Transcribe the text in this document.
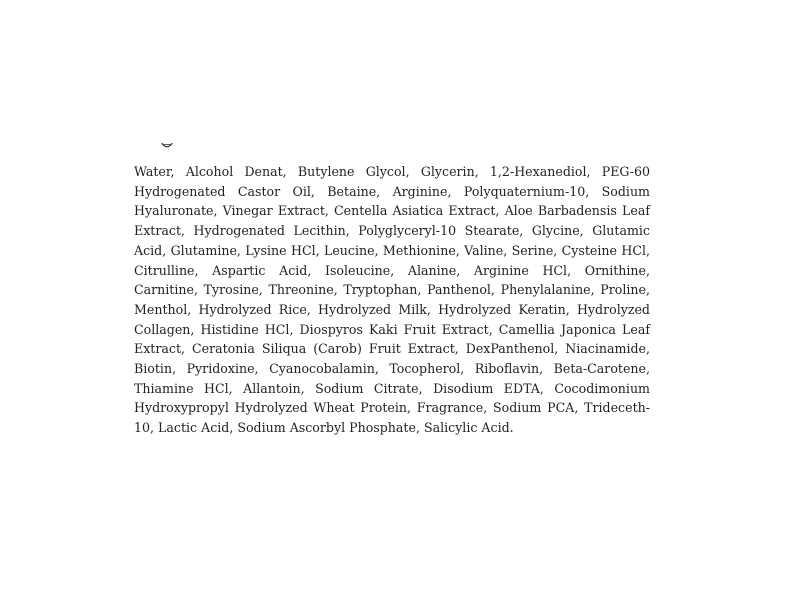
Water, Alcohol Denat, Butylene Glycol, Glycerin, 1,2-Hexanediol, PEG-60 Hydrogenated Castor Oil, Betaine, Arginine, Polyquaternium-10, Sodium Hyaluronate, Vinegar Extract, Centella Asiatica Extract, Aloe Barbadensis Leaf Extract, Hydrogenated Lecithin, Polyglyceryl-10 Stearate, Glycine, Glutamic Acid, Glutamine, Lysine HCl, Leucine, Methionine, Valine, Serine, Cysteine HCl, Citrulline, Aspartic Acid, Isoleucine, Alanine, Arginine HCl, Ornithine, Carnitine, Tyrosine, Threonine, Tryptophan, Panthenol, Phenylalanine, Proline, Menthol, Hydrolyzed Rice, Hydrolyzed Milk, Hydrolyzed Keratin, Hydrolyzed Collagen, Histidine HCl, Diospyros Kaki Fruit Extract, Camellia Japonica Leaf Extract, Ceratonia Siliqua (Carob) Fruit Extract, DexPanthenol, Niacinamide, Biotin, Pyridoxine, Cyanocobalamin, Tocopherol, Riboflavin, Beta-Carotene, Thiamine HCl, Allantoin, Sodium Citrate, Disodium EDTA, Cocodimonium Hydroxypropyl Hydrolyzed Wheat Protein, Fragrance, Sodium PCA, Trideceth-10, Lactic Acid, Sodium Ascorbyl Phosphate, Salicylic Acid.
